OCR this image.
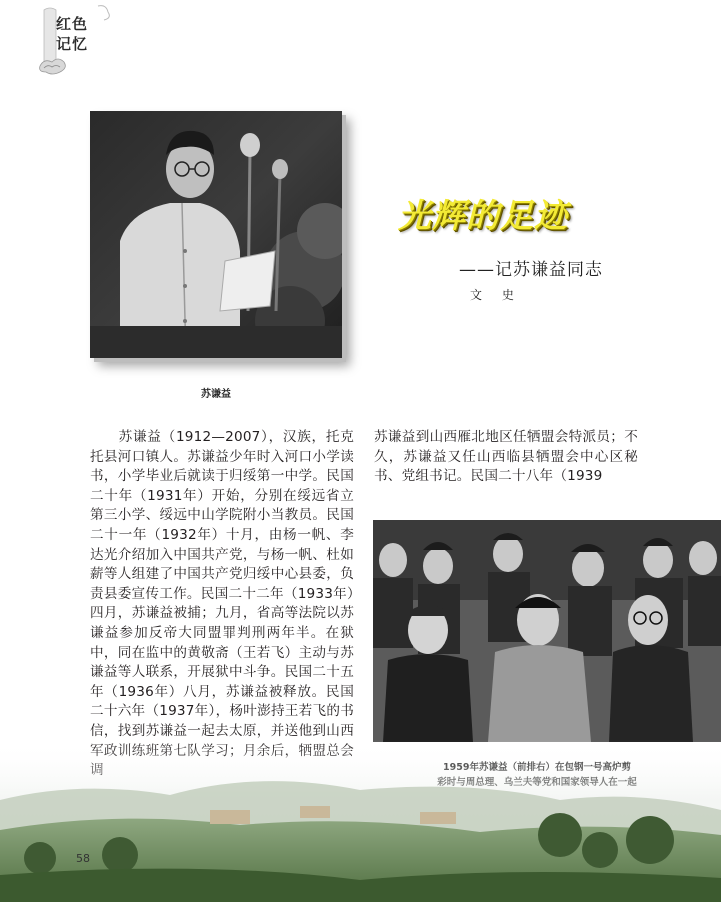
红色
记忆
苏谦益
光辉的足迹
——记苏谦益同志
文 史

　　苏谦益（1912—2007），汉族，托克托县河口镇人。苏谦益少年时入河口小学读书，小学毕业后就读于归绥第一中学。民国二十年（1931年）开始，分别在绥远省立第三小学、绥远中山学院附小当教员。民国二十一年（1932年）十月，由杨一帆、李达光介绍加入中国共产党，与杨一帆、杜如薪等人组建了中国共产党归绥中心县委，负责县委宣传工作。民国二十二年（1933年）四月，苏谦益被捕；九月，省高等法院以苏谦益参加反帝大同盟罪判刑两年半。在狱中，同在监中的黄敬斋（王若飞）主动与苏谦益等人联系，开展狱中斗争。民国二十五年（1936年）八月，苏谦益被释放。民国二十六年（1937年），杨叶澎持王若飞的书信，找到苏谦益一起去太原，并送他到山西

苏谦益到山西雁北地区任牺盟会特派员；不久，苏谦益又任山西临县牺盟会中心区秘书、党组书记。民国二十八年（1939

58
